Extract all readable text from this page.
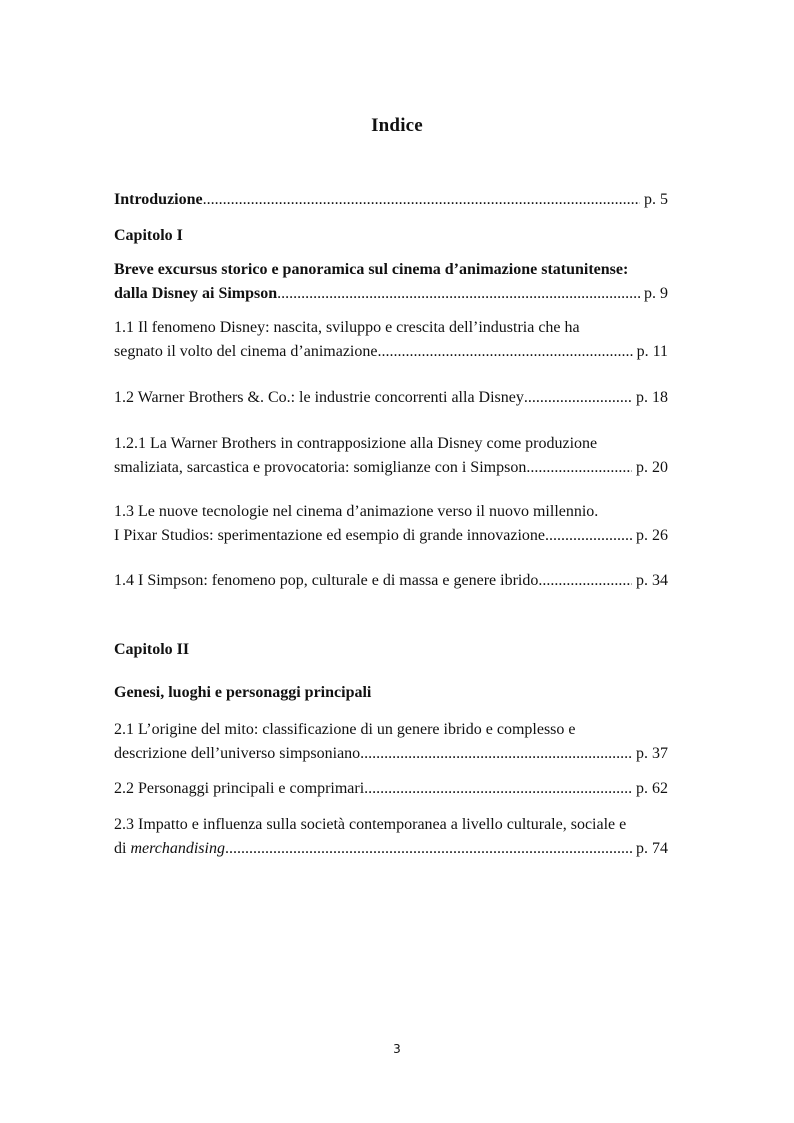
Indice
Introduzione .....	p. 5
Capitolo I
Breve excursus storico e panoramica sul cinema d’animazione statunitense:
dalla Disney ai Simpson .....	p. 9
1.1 Il fenomeno Disney: nascita, sviluppo e crescita dell’industria che ha
segnato il volto del cinema d’animazione .....	p. 11
1.2 Warner Brothers &. Co.: le industrie concorrenti alla Disney .....	p. 18
1.2.1 La Warner Brothers in contrapposizione alla Disney come produzione
smaliziata, sarcastica e provocatoria: somiglianze con i Simpson .....	p. 20
1.3 Le nuove tecnologie nel cinema d’animazione verso il nuovo millennio.
I Pixar Studios: sperimentazione ed esempio di grande innovazione .....	p. 26
1.4 I Simpson: fenomeno pop, culturale e di massa e genere ibrido .....	p. 34
Capitolo II
Genesi, luoghi e personaggi principali
2.1 L’origine del mito: classificazione di un genere ibrido e complesso e
descrizione dell’universo simpsoniano .....	p. 37
2.2 Personaggi principali e comprimari .....	p. 62
2.3 Impatto e influenza sulla società contemporanea a livello culturale, sociale e
di merchandising .....	p. 74
3
